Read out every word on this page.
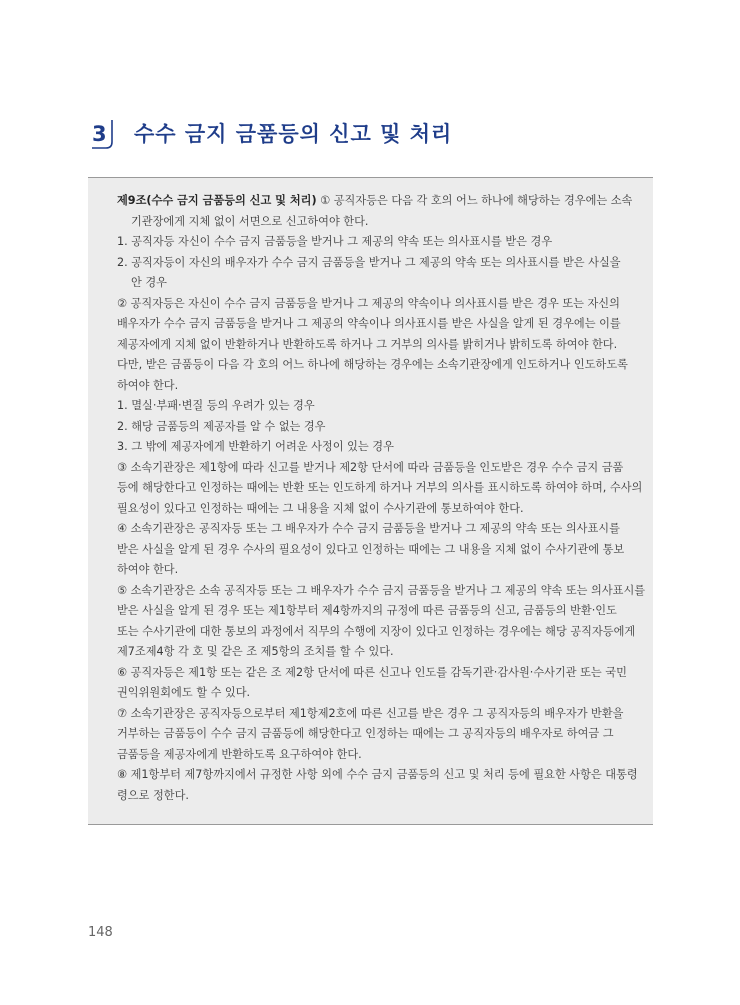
3 수수 금지 금품등의 신고 및 처리
제9조(수수 금지 금품등의 신고 및 처리) ① 공직자등은 다음 각 호의 어느 하나에 해당하는 경우에는 소속
기관장에게 지체 없이 서면으로 신고하여야 한다.
1. 공직자등 자신이 수수 금지 금품등을 받거나 그 제공의 약속 또는 의사표시를 받은 경우
2. 공직자등이 자신의 배우자가 수수 금지 금품등을 받거나 그 제공의 약속 또는 의사표시를 받은 사실을
안 경우
② 공직자등은 자신이 수수 금지 금품등을 받거나 그 제공의 약속이나 의사표시를 받은 경우 또는 자신의
배우자가 수수 금지 금품등을 받거나 그 제공의 약속이나 의사표시를 받은 사실을 알게 된 경우에는 이를
제공자에게 지체 없이 반환하거나 반환하도록 하거나 그 거부의 의사를 밝히거나 밝히도록 하여야 한다.
다만, 받은 금품등이 다음 각 호의 어느 하나에 해당하는 경우에는 소속기관장에게 인도하거나 인도하도록
하여야 한다.
1. 멸실·부패·변질 등의 우려가 있는 경우
2. 해당 금품등의 제공자를 알 수 없는 경우
3. 그 밖에 제공자에게 반환하기 어려운 사정이 있는 경우
③ 소속기관장은 제1항에 따라 신고를 받거나 제2항 단서에 따라 금품등을 인도받은 경우 수수 금지 금품
등에 해당한다고 인정하는 때에는 반환 또는 인도하게 하거나 거부의 의사를 표시하도록 하여야 하며, 수사의
필요성이 있다고 인정하는 때에는 그 내용을 지체 없이 수사기관에 통보하여야 한다.
④ 소속기관장은 공직자등 또는 그 배우자가 수수 금지 금품등을 받거나 그 제공의 약속 또는 의사표시를
받은 사실을 알게 된 경우 수사의 필요성이 있다고 인정하는 때에는 그 내용을 지체 없이 수사기관에 통보
하여야 한다.
⑤ 소속기관장은 소속 공직자등 또는 그 배우자가 수수 금지 금품등을 받거나 그 제공의 약속 또는 의사표시를
받은 사실을 알게 된 경우 또는 제1항부터 제4항까지의 규정에 따른 금품등의 신고, 금품등의 반환·인도
또는 수사기관에 대한 통보의 과정에서 직무의 수행에 지장이 있다고 인정하는 경우에는 해당 공직자등에게
제7조제4항 각 호 및 같은 조 제5항의 조치를 할 수 있다.
⑥ 공직자등은 제1항 또는 같은 조 제2항 단서에 따른 신고나 인도를 감독기관·감사원·수사기관 또는 국민
권익위원회에도 할 수 있다.
⑦ 소속기관장은 공직자등으로부터 제1항제2호에 따른 신고를 받은 경우 그 공직자등의 배우자가 반환을
거부하는 금품등이 수수 금지 금품등에 해당한다고 인정하는 때에는 그 공직자등의 배우자로 하여금 그
금품등을 제공자에게 반환하도록 요구하여야 한다.
⑧ 제1항부터 제7항까지에서 규정한 사항 외에 수수 금지 금품등의 신고 및 처리 등에 필요한 사항은 대통령
령으로 정한다.
148
